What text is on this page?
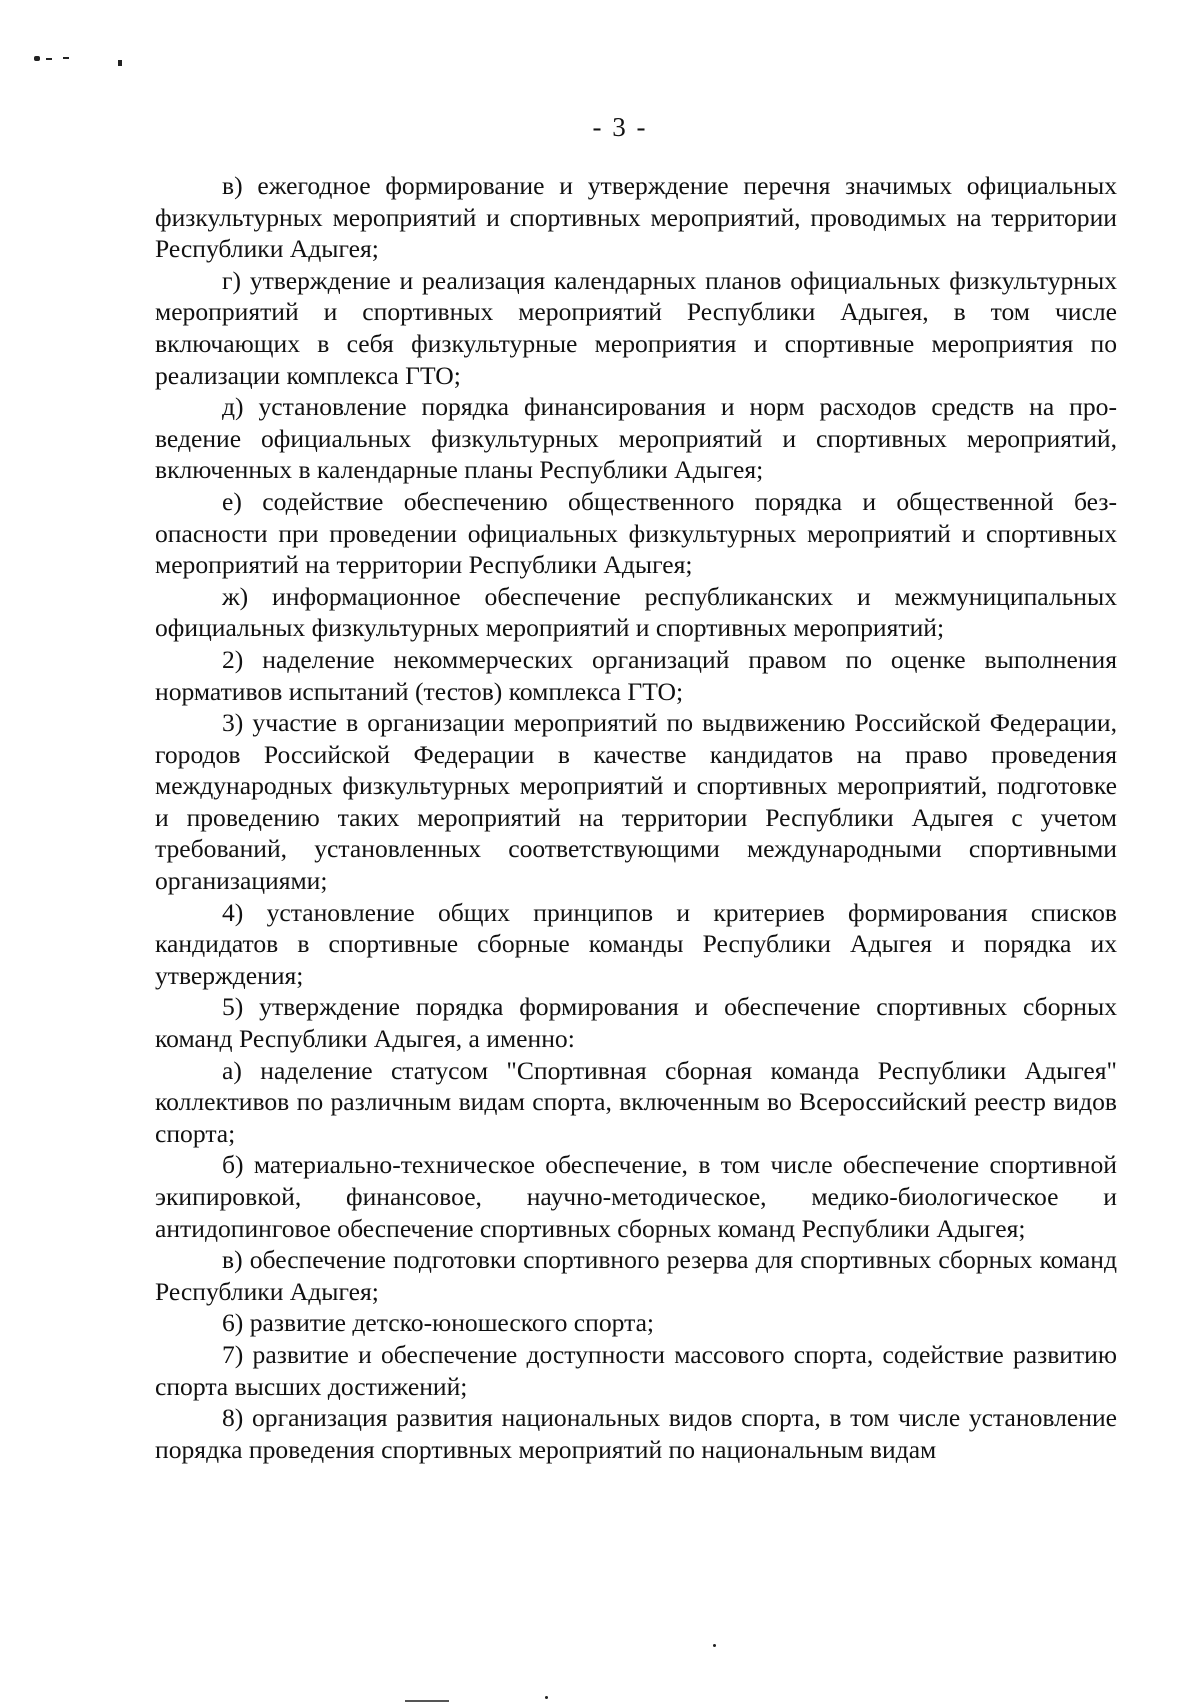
- 3 -

в) ежегодное формирование и утверждение перечня значимых официальных физкультурных мероприятий и спортивных мероприятий, проводимых на территории Республики Адыгея;

г) утверждение и реализация календарных планов официальных физкультурных мероприятий и спортивных мероприятий Республики Адыгея, в том числе включающих в себя физкультурные мероприятия и спортивные мероприятия по реализации комплекса ГТО;

д) установление порядка финансирования и норм расходов средств на проведение официальных физкультурных мероприятий и спортивных мероприятий, включенных в календарные планы Республики Адыгея;

е) содействие обеспечению общественного порядка и общественной безопасности при проведении официальных физкультурных мероприятий и спортивных мероприятий на территории Республики Адыгея;

ж) информационное обеспечение республиканских и межмуниципальных официальных физкультурных мероприятий и спортивных мероприятий;

2) наделение некоммерческих организаций правом по оценке выполнения нормативов испытаний (тестов) комплекса ГТО;

3) участие в организации мероприятий по выдвижению Российской Федерации, городов Российской Федерации в качестве кандидатов на право проведения международных физкультурных мероприятий и спортивных мероприятий, подготовке и проведению таких мероприятий на территории Республики Адыгея с учетом требований, установленных соответствующими международными спортивными организациями;

4) установление общих принципов и критериев формирования списков кандидатов в спортивные сборные команды Республики Адыгея и порядка их утверждения;

5) утверждение порядка формирования и обеспечение спортивных сборных команд Республики Адыгея, а именно:

а) наделение статусом "Спортивная сборная команда Республики Адыгея" коллективов по различным видам спорта, включенным во Всероссийский реестр видов спорта;

б) материально-техническое обеспечение, в том числе обеспечение спортивной экипировкой, финансовое, научно-методическое, медико-биологическое и антидопинговое обеспечение спортивных сборных команд Республики Адыгея;

в) обеспечение подготовки спортивного резерва для спортивных сборных команд Республики Адыгея;

6) развитие детско-юношеского спорта;

7) развитие и обеспечение доступности массового спорта, содействие развитию спорта высших достижений;

8) организация развития национальных видов спорта, в том числе установление порядка проведения спортивных мероприятий по национальным видам
